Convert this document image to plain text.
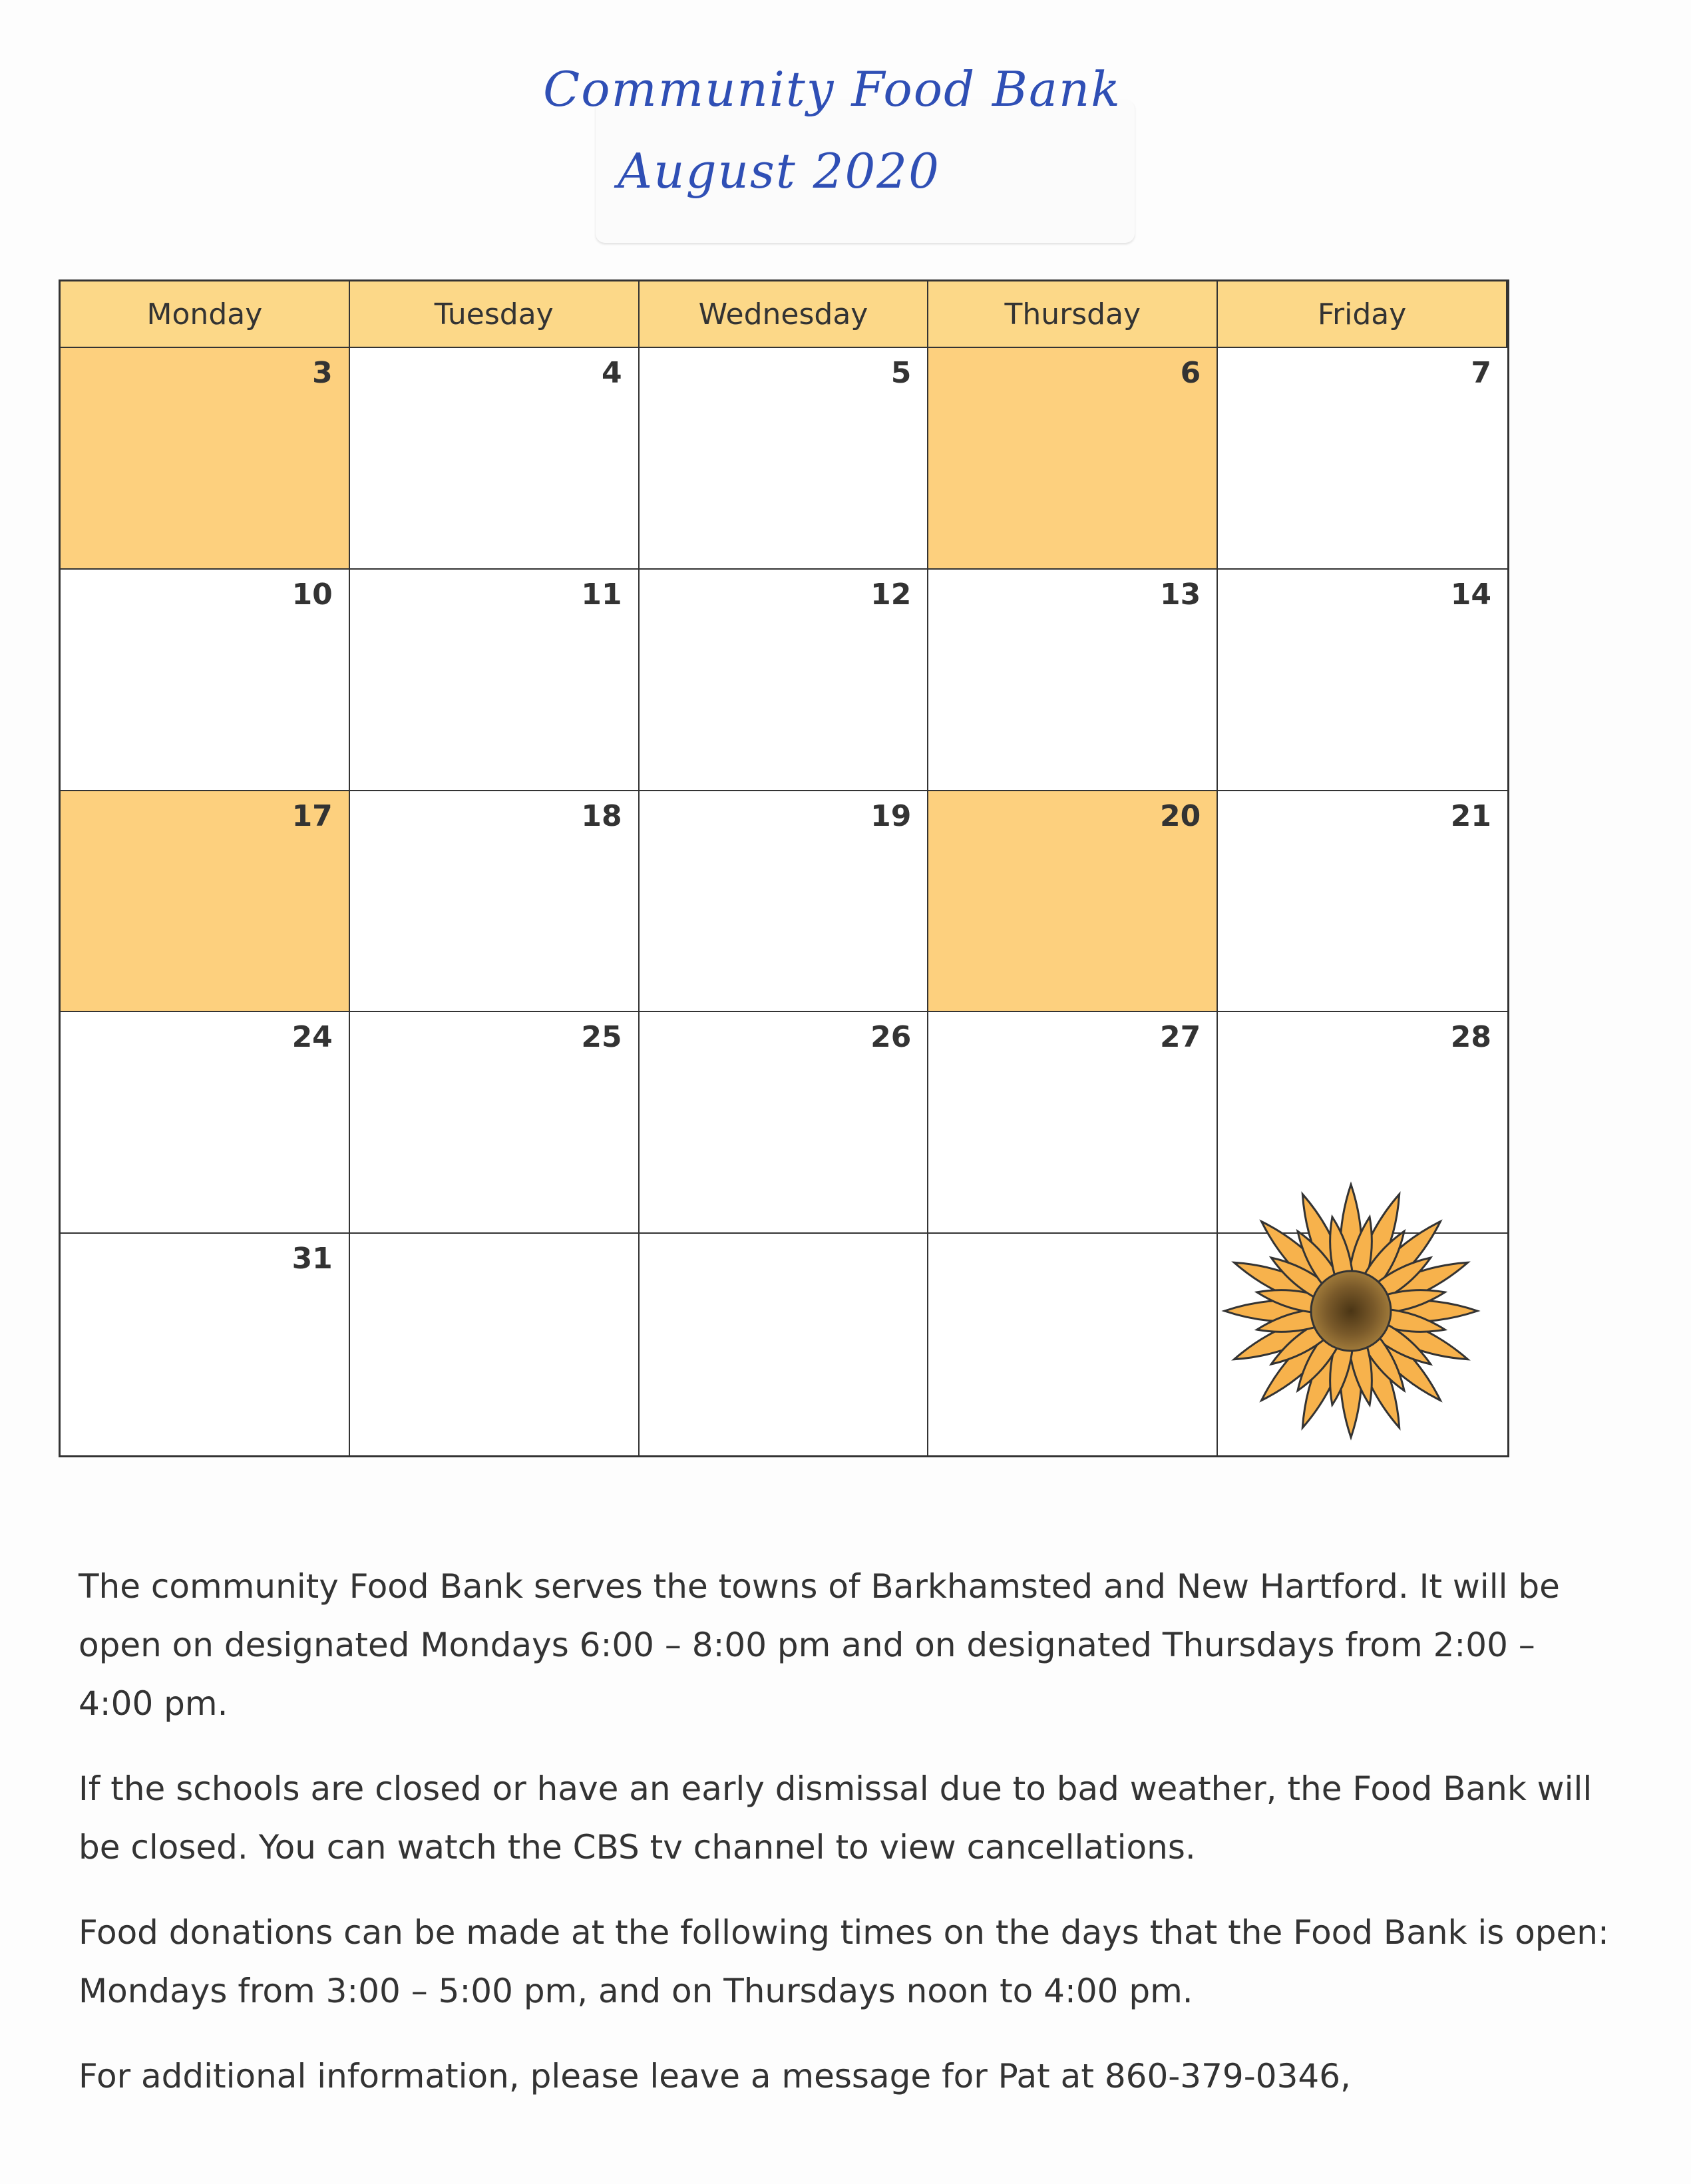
Community Food Bank
August 2020
Monday	Tuesday	Wednesday	Thursday	Friday
3	4	5	6	7
10	11	12	13	14
17	18	19	20	21
24	25	26	27	28
31

The community Food Bank serves the towns of Barkhamsted and New Hartford. It will be open on designated Mondays 6:00 – 8:00 pm and on designated Thursdays from 2:00 – 4:00 pm.

If the schools are closed or have an early dismissal due to bad weather, the Food Bank will be closed. You can watch the CBS tv channel to view cancellations.

Food donations can be made at the following times on the days that the Food Bank is open: Mondays from 3:00 – 5:00 pm, and on Thursdays noon to 4:00 pm.

For additional information, please leave a message for Pat at 860-379-0346,
